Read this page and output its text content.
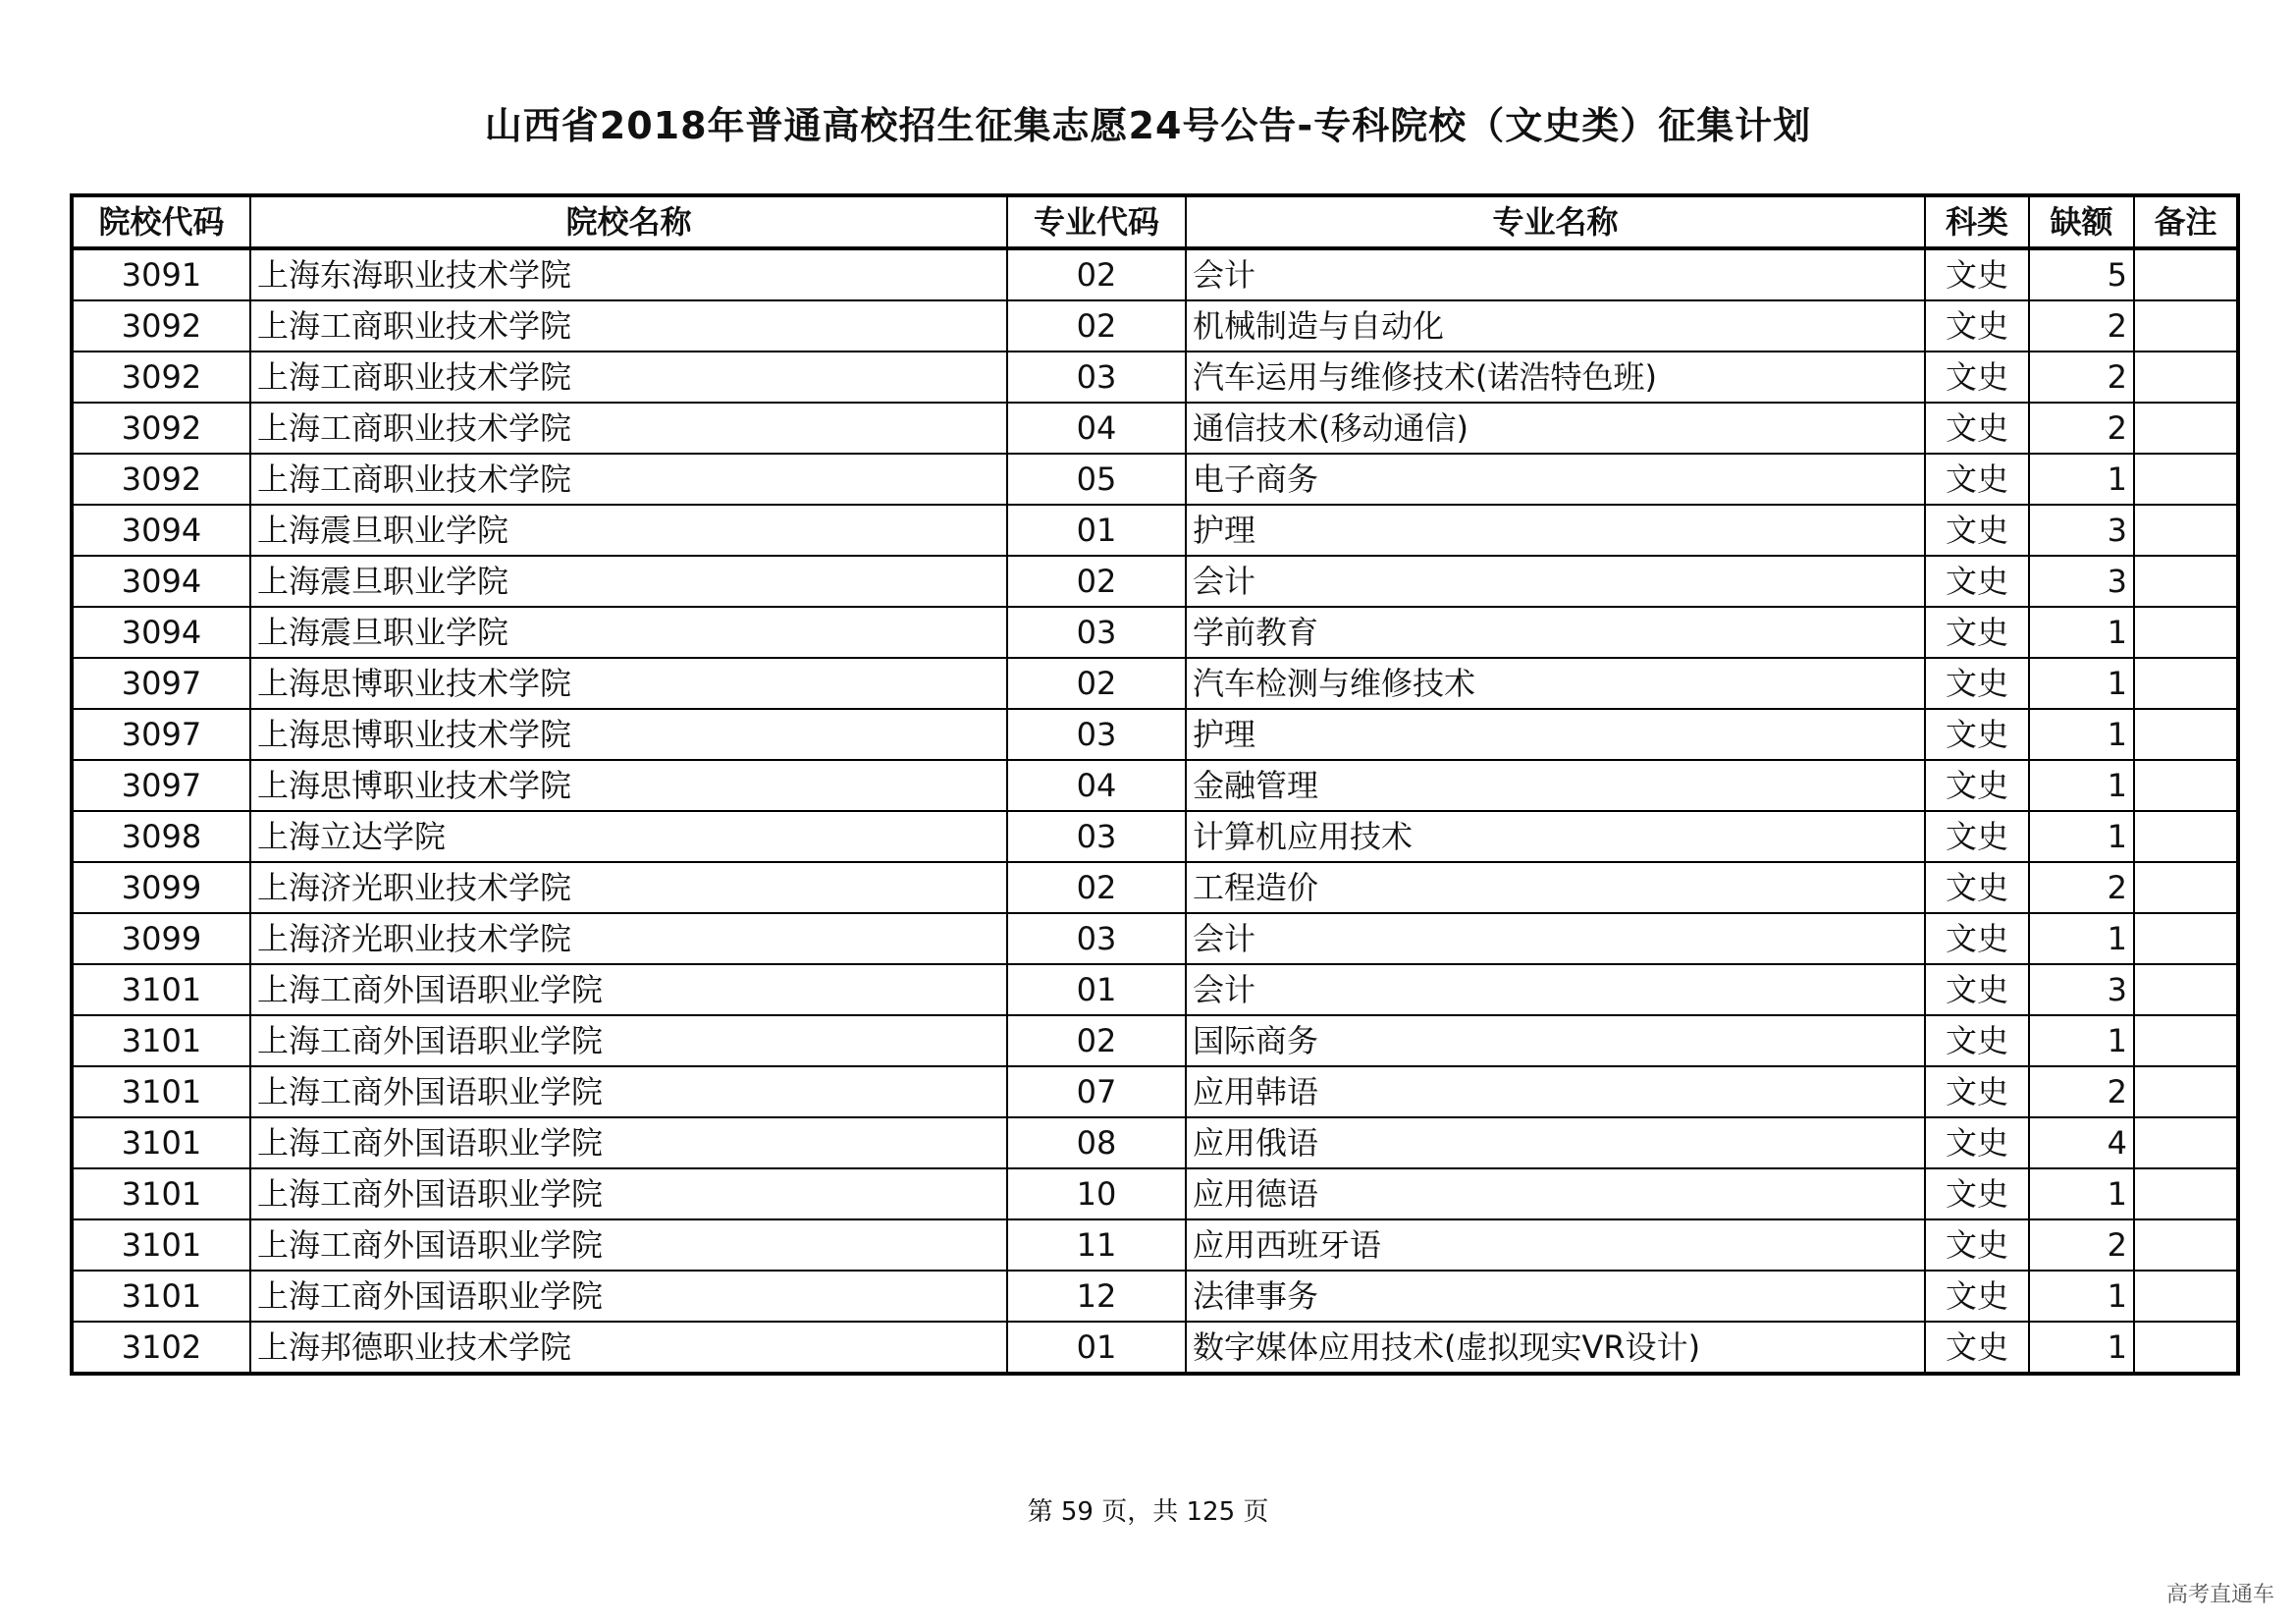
山西省2018年普通高校招生征集志愿24号公告-专科院校（文史类）征集计划
院校代码	院校名称	专业代码	专业名称	科类	缺额	备注
3091	上海东海职业技术学院	02	会计	文史	5	
3092	上海工商职业技术学院	02	机械制造与自动化	文史	2	
3092	上海工商职业技术学院	03	汽车运用与维修技术(诺浩特色班)	文史	2	
3092	上海工商职业技术学院	04	通信技术(移动通信)	文史	2	
3092	上海工商职业技术学院	05	电子商务	文史	1	
3094	上海震旦职业学院	01	护理	文史	3	
3094	上海震旦职业学院	02	会计	文史	3	
3094	上海震旦职业学院	03	学前教育	文史	1	
3097	上海思博职业技术学院	02	汽车检测与维修技术	文史	1	
3097	上海思博职业技术学院	03	护理	文史	1	
3097	上海思博职业技术学院	04	金融管理	文史	1	
3098	上海立达学院	03	计算机应用技术	文史	1	
3099	上海济光职业技术学院	02	工程造价	文史	2	
3099	上海济光职业技术学院	03	会计	文史	1	
3101	上海工商外国语职业学院	01	会计	文史	3	
3101	上海工商外国语职业学院	02	国际商务	文史	1	
3101	上海工商外国语职业学院	07	应用韩语	文史	2	
3101	上海工商外国语职业学院	08	应用俄语	文史	4	
3101	上海工商外国语职业学院	10	应用德语	文史	1	
3101	上海工商外国语职业学院	11	应用西班牙语	文史	2	
3101	上海工商外国语职业学院	12	法律事务	文史	1	
3102	上海邦德职业技术学院	01	数字媒体应用技术(虚拟现实VR设计)	文史	1	
第 59 页，共 125 页
高考直通车
